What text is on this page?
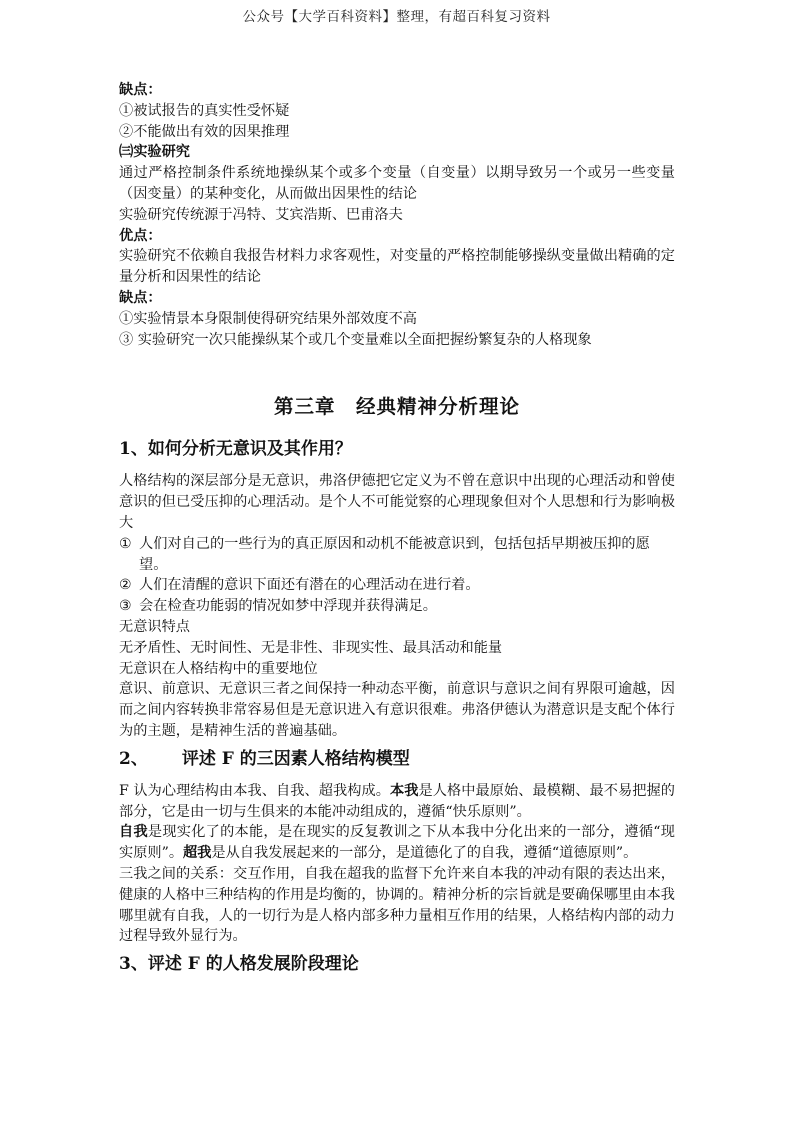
公众号【大学百科资料】整理，有超百科复习资料

缺点：

①被试报告的真实性受怀疑

②不能做出有效的因果推理

㈢实验研究

通过严格控制条件系统地操纵某个或多个变量（自变量）以期导致另一个或另一些变量（因变量）的某种变化，从而做出因果性的结论

实验研究传统源于冯特、艾宾浩斯、巴甫洛夫

优点：

实验研究不依赖自我报告材料力求客观性，对变量的严格控制能够操纵变量做出精确的定量分析和因果性的结论

缺点：

①实验情景本身限制使得研究结果外部效度不高

③ 实验研究一次只能操纵某个或几个变量难以全面把握纷繁复杂的人格现象

第三章　经典精神分析理论
1、如何分析无意识及其作用？

人格结构的深层部分是无意识，弗洛伊德把它定义为不曾在意识中出现的心理活动和曾使意识的但已受压抑的心理活动。是个人不可能觉察的心理现象但对个人思想和行为影响极大

① 人们对自己的一些行为的真正原因和动机不能被意识到，包括包括早期被压抑的愿望。
② 人们在清醒的意识下面还有潜在的心理活动在进行着。
③ 会在检查功能弱的情况如梦中浮现并获得满足。

无意识特点

无矛盾性、无时间性、无是非性、非现实性、最具活动和能量

无意识在人格结构中的重要地位

意识、前意识、无意识三者之间保持一种动态平衡，前意识与意识之间有界限可逾越，因而之间内容转换非常容易但是无意识进入有意识很难。弗洛伊德认为潜意识是支配个体行为的主题，是精神生活的普遍基础。

2、 评述 F 的三因素人格结构模型

F 认为心理结构由本我、自我、超我构成。本我是人格中最原始、最模糊、最不易把握的部分，它是由一切与生俱来的本能冲动组成的，遵循“快乐原则”。

自我是现实化了的本能，是在现实的反复教训之下从本我中分化出来的一部分，遵循“现实原则”。超我是从自我发展起来的一部分，是道德化了的自我，遵循“道德原则”。

三我之间的关系：交互作用，自我在超我的监督下允许来自本我的冲动有限的表达出来，健康的人格中三种结构的作用是均衡的，协调的。精神分析的宗旨就是要确保哪里由本我哪里就有自我，人的一切行为是人格内部多种力量相互作用的结果，人格结构内部的动力过程导致外显行为。

3、评述 F 的人格发展阶段理论
